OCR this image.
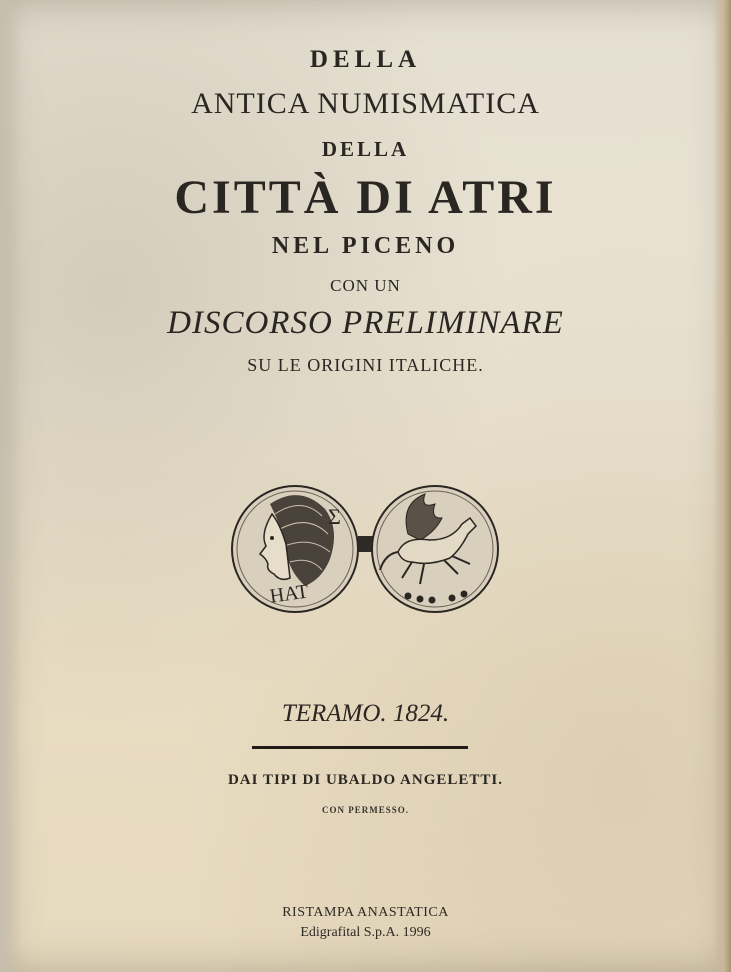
DELLA
ANTICA NUMISMATICA
DELLA
CITTÀ DI ATRI
NEL PICENO
CON UN
DISCORSO PRELIMINARE
SU LE ORIGINI ITALICHE.
Σ
HAT
TERAMO. 1824.
DAI TIPI DI UBALDO ANGELETTI.
CON PERMESSO.
RISTAMPA ANASTATICA
Edigrafital S.p.A. 1996
